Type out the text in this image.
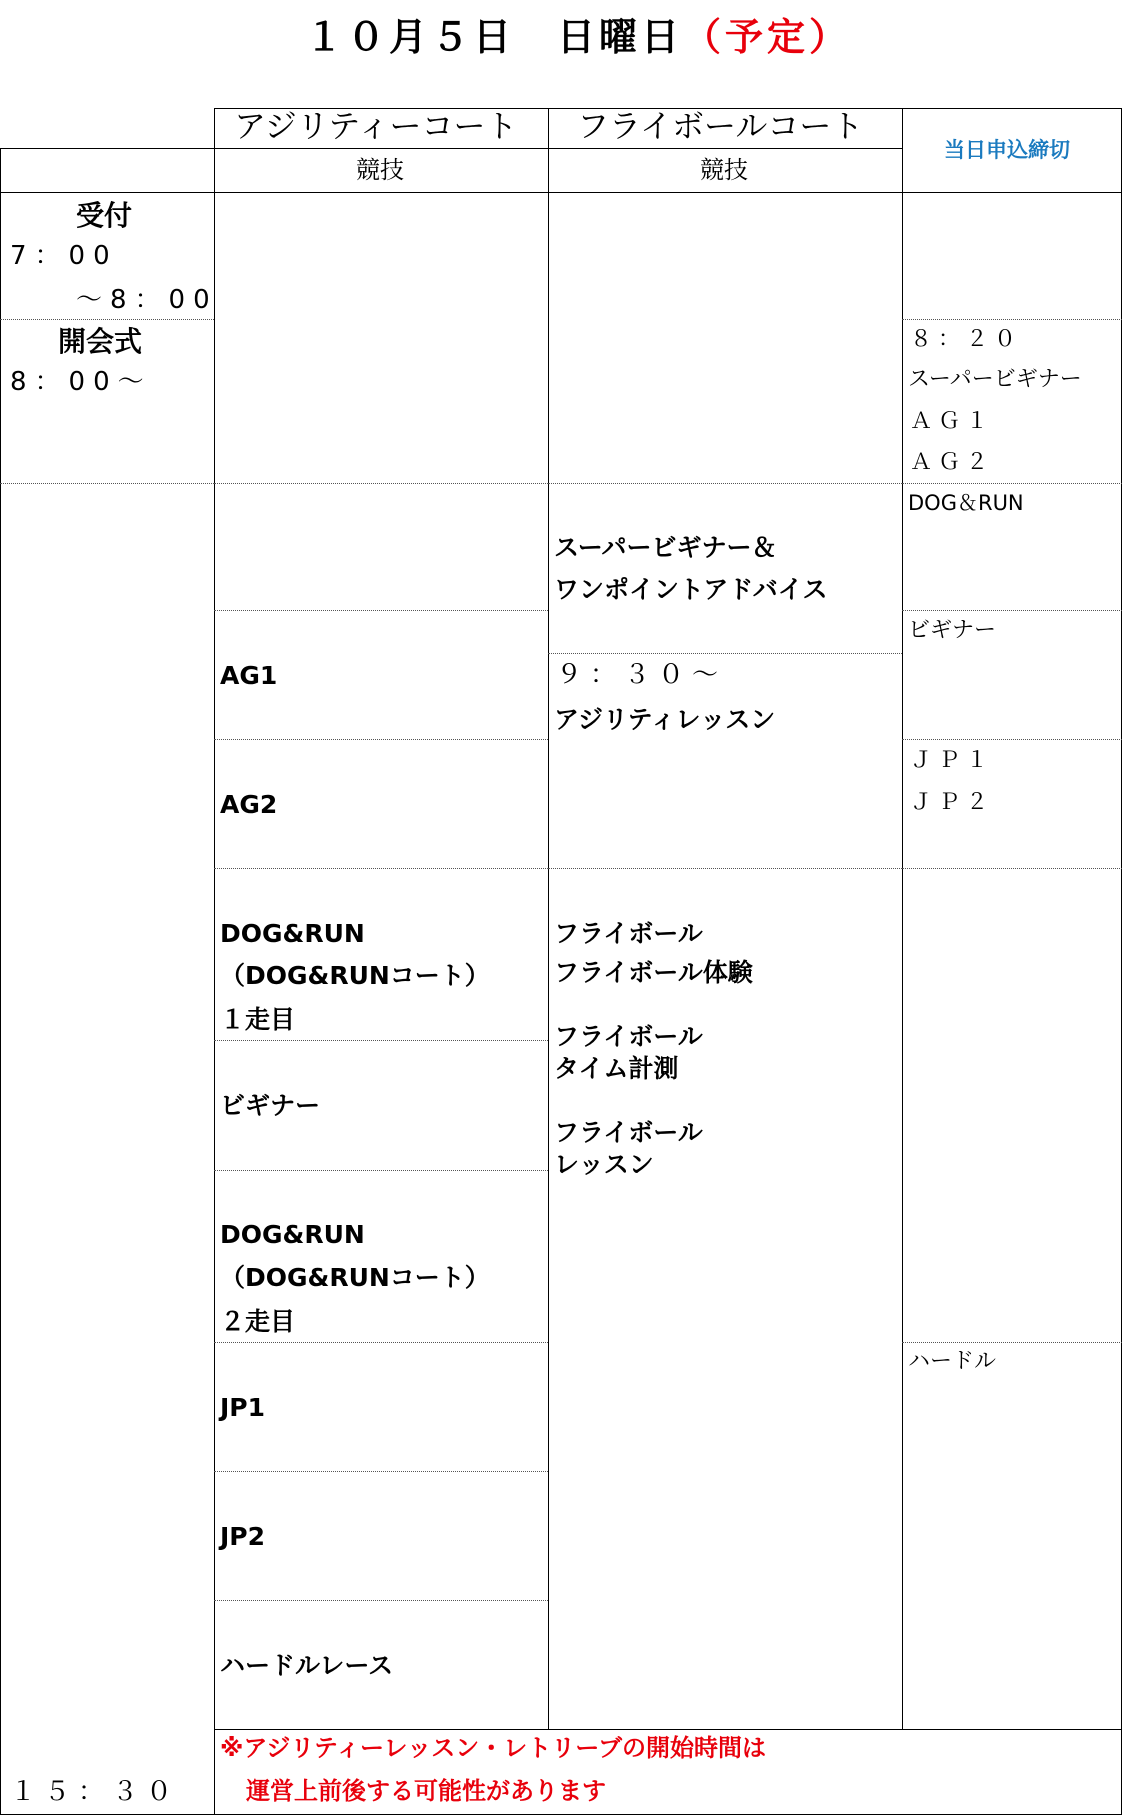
１０月５日　日曜日（予定）
アジリティーコート フライボールコート
当日申込締切
競技	競技
受付
7：00
～8：00
開会式
8：00～
１５：３０
AG1
AG2
DOG&RUN
（DOG&RUNコート）
１走目
ビギナー
DOG&RUN
（DOG&RUNコート）
２走目
JP1
JP2
ハードルレース
スーパービギナー＆
ワンポイントアドバイス
９：３０～
アジリティレッスン
フライボール
フライボール体験
フライボール
タイム計測
フライボール
レッスン
８：２０
スーパービギナー
ＡＧ１
ＡＧ２
DOG＆RUN
ビギナー
ＪＰ１
ＪＰ２
ハードル
※アジリティーレッスン・レトリーブの開始時間は
運営上前後する可能性があります
